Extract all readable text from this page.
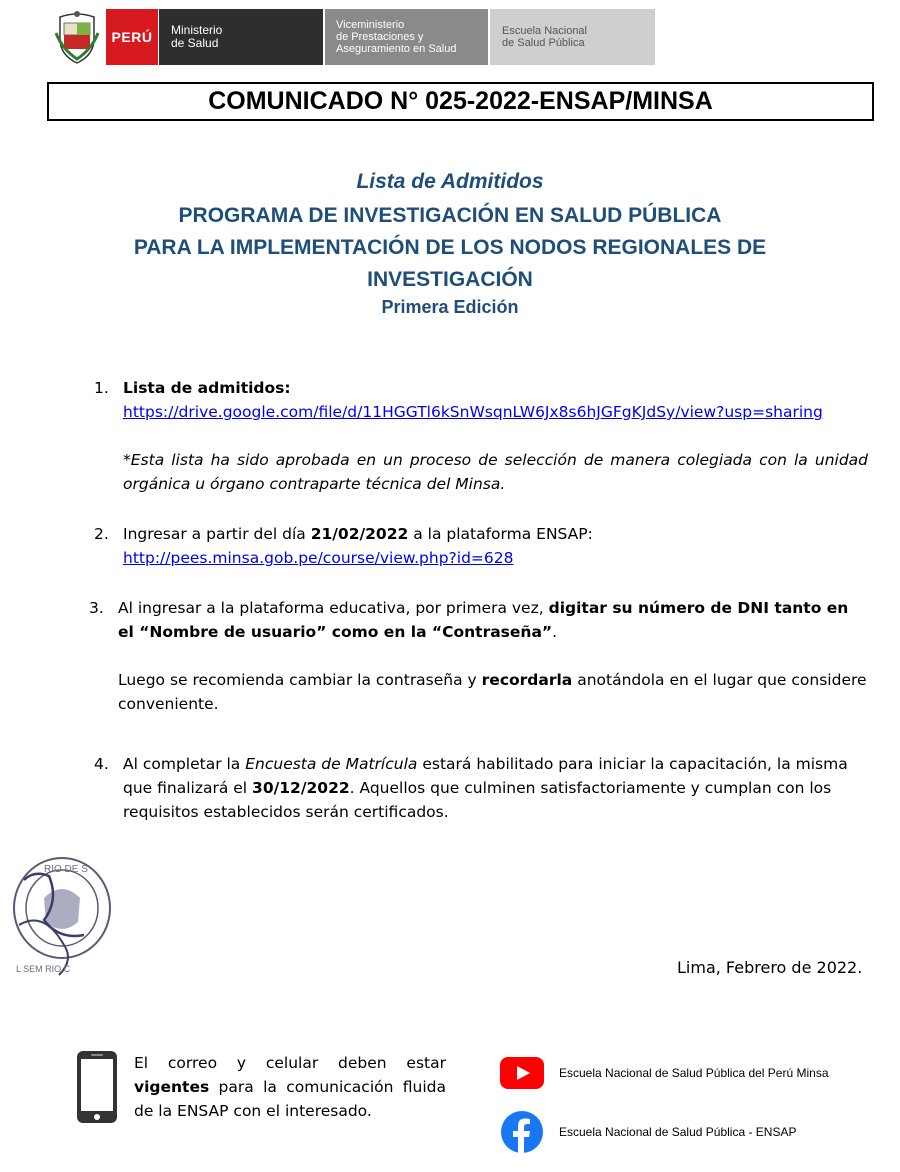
PERÚ	Ministerio
de Salud
Viceministerio
de Prestaciones y
Aseguramiento en Salud
Escuela Nacional
de Salud Pública
COMUNICADO N° 025-2022-ENSAP/MINSA
Lista de Admitidos
PROGRAMA DE INVESTIGACIÓN EN SALUD PÚBLICA
PARA LA IMPLEMENTACIÓN DE LOS NODOS REGIONALES DE
INVESTIGACIÓN
Primera Edición
1. Lista de admitidos:
https://drive.google.com/file/d/11HGGTl6kSnWsqnLW6Jx8s6hJGFgKJdSy/view?usp=sharing
*Esta lista ha sido aprobada en un proceso de selección de manera colegiada con la unidad orgánica u órgano contraparte técnica del Minsa.
2. Ingresar a partir del día 21/02/2022 a la plataforma ENSAP:
http://pees.minsa.gob.pe/course/view.php?id=628
3. Al ingresar a la plataforma educativa, por primera vez, digitar su número de DNI tanto en el “Nombre de usuario” como en la “Contraseña”.
Luego se recomienda cambiar la contraseña y recordarla anotándola en el lugar que considere conveniente.
4. Al completar la Encuesta de Matrícula estará habilitado para iniciar la capacitación, la misma que finalizará el 30/12/2022. Aquellos que culminen satisfactoriamente y cumplan con los requisitos establecidos serán certificados.
RIO DE S
L SEM RIO C	Lima, Febrero de 2022.
El correo y celular deben estar vigentes para la comunicación fluida de la ENSAP con el interesado.
Escuela Nacional de Salud Pública del Perú Minsa
Escuela Nacional de Salud Pública - ENSAP
